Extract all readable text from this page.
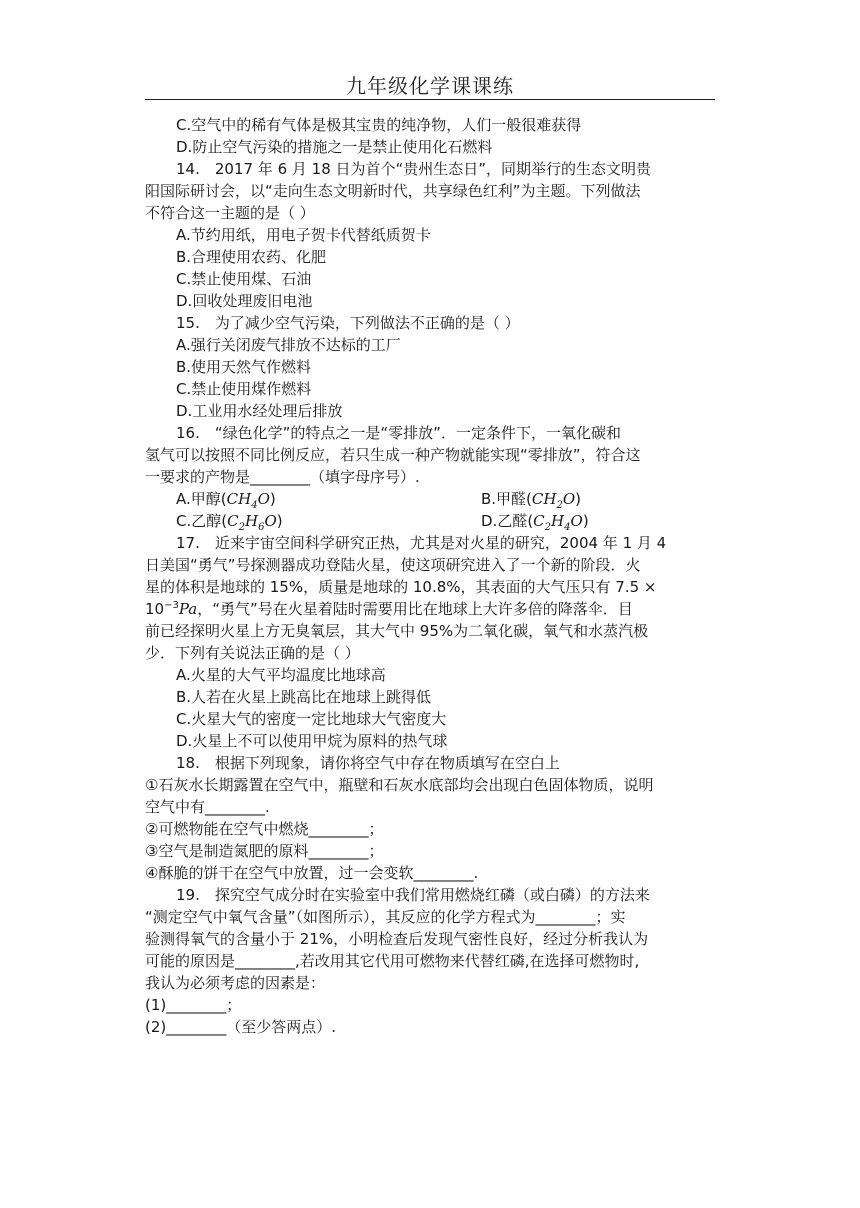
九年级化学课课练
C.空气中的稀有气体是极其宝贵的纯净物，人们一般很难获得
D.防止空气污染的措施之一是禁止使用化石燃料
14.　2017 年 6 月 18 日为首个“贵州生态日”，同期举行的生态文明贵
阳国际研讨会，以“走向生态文明新时代，共享绿色红利”为主题。下列做法
不符合这一主题的是（ ）
A.节约用纸，用电子贺卡代替纸质贺卡
B.合理使用农药、化肥
C.禁止使用煤、石油
D.回收处理废旧电池
15.　为了减少空气污染，下列做法不正确的是（ ）
A.强行关闭废气排放不达标的工厂
B.使用天然气作燃料
C.禁止使用煤作燃料
D.工业用水经处理后排放
16.　“绿色化学”的特点之一是“零排放”．一定条件下，一氧化碳和
氢气可以按照不同比例反应，若只生成一种产物就能实现“零排放”，符合这
一要求的产物是________（填字母序号）.
A.甲醇$(CH_4O)$	B.甲醛$(CH_2O)$
C.乙醇$(C_2H_6O)$	D.乙醛$(C_2H_4O)$
17.　近来宇宙空间科学研究正热，尤其是对火星的研究，2004 年 1 月 4
日美国“勇气”号探测器成功登陆火星，使这项研究进入了一个新的阶段．火
星的体积是地球的 15%，质量是地球的 10.8%，其表面的大气压只有 7.5 ×
$10^{-3}Pa$，“勇气”号在火星着陆时需要用比在地球上大许多倍的降落伞．目
前已经探明火星上方无臭氧层，其大气中 95%为二氧化碳，氧气和水蒸汽极
少．下列有关说法正确的是（ ）
A.火星的大气平均温度比地球高
B.人若在火星上跳高比在地球上跳得低
C.火星大气的密度一定比地球大气密度大
D.火星上不可以使用甲烷为原料的热气球
18.　根据下列现象，请你将空气中存在物质填写在空白上
①石灰水长期露置在空气中，瓶壁和石灰水底部均会出现白色固体物质，说明
空气中有________.
②可燃物能在空气中燃烧________；
③空气是制造氮肥的原料________；
④酥脆的饼干在空气中放置，过一会变软________.
19.　探究空气成分时在实验室中我们常用燃烧红磷（或白磷）的方法来
“测定空气中氧气含量”（如图所示），其反应的化学方程式为________；实
验测得氧气的含量小于 21%，小明检查后发现气密性良好，经过分析我认为
可能的原因是________,若改用其它代用可燃物来代替红磷,在选择可燃物时,
我认为必须考虑的因素是：
(1)________；
(2)________（至少答两点）.
